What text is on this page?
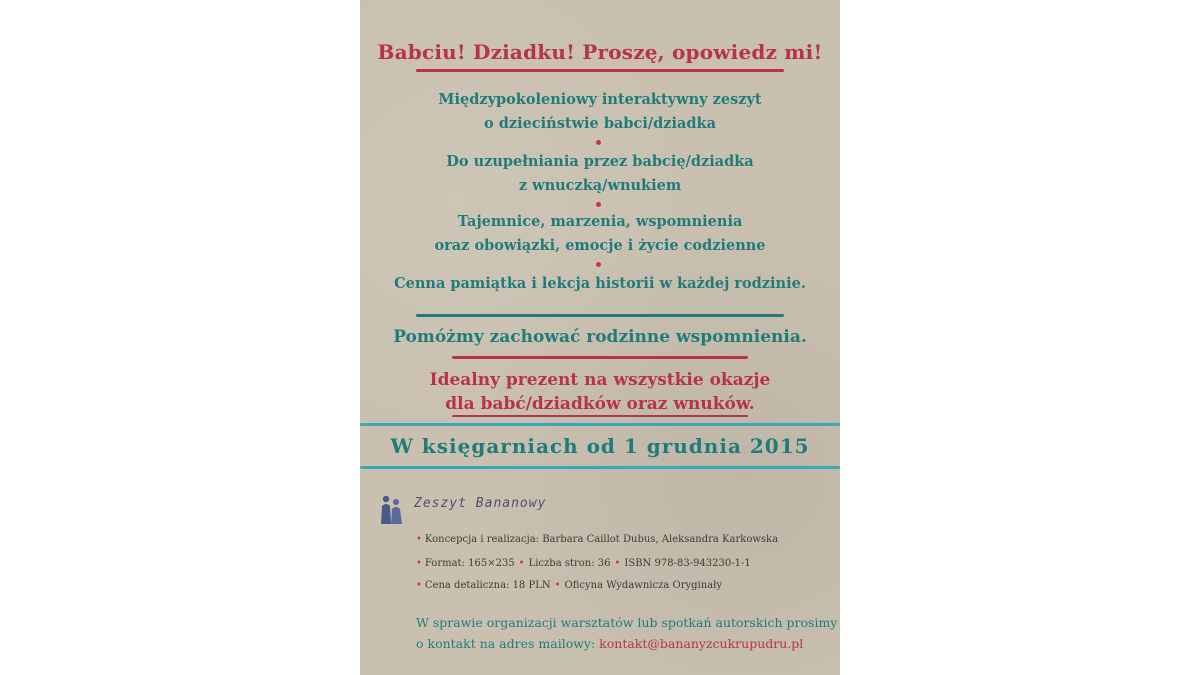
Babciu! Dziadku! Proszę, opowiedz mi!
Międzypokoleniowy interaktywny zeszyt
o dzieciństwie babci/dziadka
Do uzupełniania przez babcię/dziadka
z wnuczką/wnukiem
Tajemnice, marzenia, wspomnienia
oraz obowiązki, emocje i życie codzienne
Cenna pamiątka i lekcja historii w każdej rodzinie.
Pomóżmy zachować rodzinne wspomnienia.
Idealny prezent na wszystkie okazje
dla babć/dziadków oraz wnuków.
W księgarniach od 1 grudnia 2015
Zeszyt Bananowy
• Koncepcja i realizacja: Barbara Caillot Dubus, Aleksandra Karkowska
• Format: 165×235 • Liczba stron: 36 • ISBN 978-83-943230-1-1
• Cena detaliczna: 18 PLN • Oficyna Wydawnicza Oryginały
W sprawie organizacji warsztatów lub spotkań autorskich prosimy
o kontakt na adres mailowy: kontakt@bananyzcukrupudru.pl
